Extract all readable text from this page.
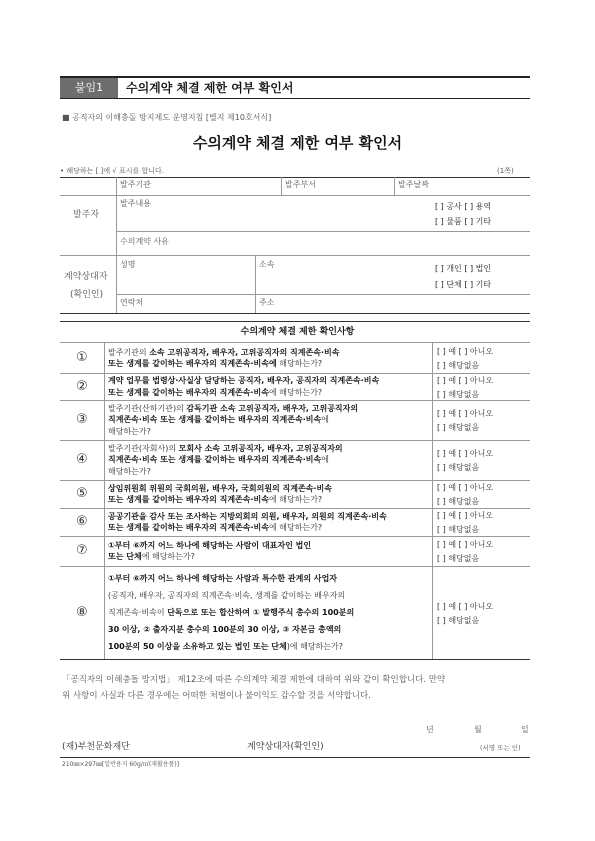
붙임1	수의계약 체결 제한 여부 확인서
■ 공직자의 이해충돌 방지제도 운영지침 [별지 제10호서식]
수의계약 체결 제한 여부 확인서
• 해당하는 [ ]에 √ 표시를 합니다.	(1쪽)
발주자
발주기관	발주부서	발주날짜
발주내용	[ ] 공사 [ ] 용역
[ ] 물품 [ ] 기타
수의계약 사유
계약상대자
(확인인)
성명	소속	[ ] 개인 [ ] 법인
[ ] 단체 [ ] 기타
연락처	주소
수의계약 체결 제한 확인사항
①	발주기관의 소속 고위공직자, 배우자, 고위공직자의 직계존속·비속
또는 생계를 같이하는 배우자의 직계존속·비속에 해당하는가?
[ ] 예 [ ] 아니오
[ ] 해당없음
②	계약 업무를 법령상·사실상 담당하는 공직자, 배우자, 공직자의 직계존속·비속
또는 생계를 같이하는 배우자의 직계존속·비속에 해당하는가?
[ ] 예 [ ] 아니오
[ ] 해당없음
③
발주기관(산하기관)의 감독기관 소속 고위공직자, 배우자, 고위공직자의
직계존속·비속 또는 생계를 같이하는 배우자의 직계존속·비속에
해당하는가?
[ ] 예 [ ] 아니오
[ ] 해당없음
④
발주기관(자회사)의 모회사 소속 고위공직자, 배우자, 고위공직자의
직계존속·비속 또는 생계를 같이하는 배우자의 직계존속·비속에
해당하는가?
[ ] 예 [ ] 아니오
[ ] 해당없음
⑤	상임위원회 위원의 국회의원, 배우자, 국회의원의 직계존속·비속
또는 생계를 같이하는 배우자의 직계존속·비속에 해당하는가?
[ ] 예 [ ] 아니오
[ ] 해당없음
⑥	공공기관을 감사 또는 조사하는 지방의회의 의원, 배우자, 의원의 직계존속·비속
또는 생계를 같이하는 배우자의 직계존속·비속에 해당하는가?
[ ] 예 [ ] 아니오
[ ] 해당없음
⑦	①부터 ⑥까지 어느 하나에 해당하는 사람이 대표자인 법인
또는 단체에 해당하는가?
[ ] 예 [ ] 아니오
[ ] 해당없음
⑧
①부터 ⑥까지 어느 하나에 해당하는 사람과 특수한 관계의 사업자
(공직자, 배우자, 공직자의 직계존속·비속, 생계를 같이하는 배우자의
직계존속·비속이 단독으로 또는 합산하여 ① 발행주식 총수의 100분의
30 이상, ② 출자지분 총수의 100분의 30 이상, ③ 자본금 총액의
100분의 50 이상을 소유하고 있는 법인 또는 단체)에 해당하는가?
[ ] 예 [ ] 아니오
[ ] 해당없음
「공직자의 이해충돌 방지법」 제12조에 따른 수의계약 체결 제한에 대하여 위와 같이 확인합니다. 만약
위 사항이 사실과 다른 경우에는 어떠한 처벌이나 불이익도 감수할 것을 서약합니다.
년	월	일
(재)부천문화재단	계약상대자(확인인)	(서명 또는 인)
210㎜×297㎜[일반용지 60g/㎡(재활용품)]
